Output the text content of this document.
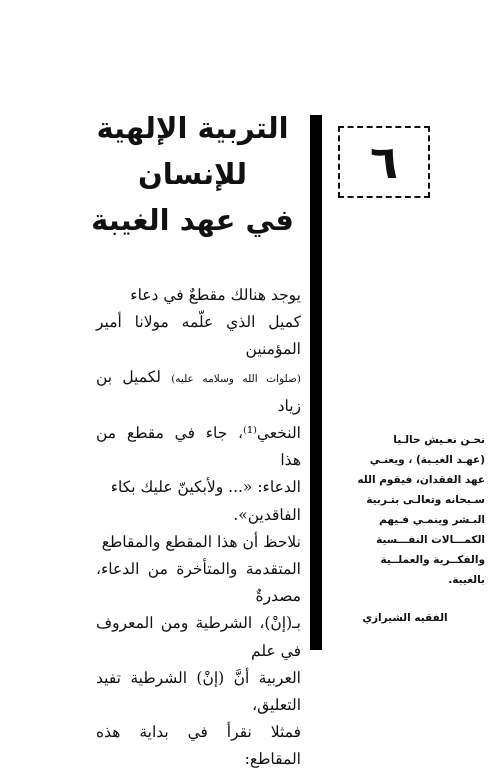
٦
التربية الإلهية
للإنسان
في عهد الغيبة

يوجد هنالك مقطعٌ في دعاء

كميل الذي علّمه مولانا أمير المؤمنين

(صلوات الله وسلامه عليه) لكميل بن زياد

النخعي⁽¹⁾، جاء في مقطع من هذا

الدعاء: «... ولأبكينّ عليك بكاء

الفاقدين».

نلاحظ أن هذا المقطع والمقاطع

المتقدمة والمتأخرة من الدعاء، مصدرةٌ

بـ(إنْ)، الشرطية ومن المعروف في علم

العربية أنَّ (إنْ) الشرطية تفيد التعليق،

فمثلا نقرأ في بداية هذه المقاطع:

نحـن نعـيش حالـيا

(عهـد الغيـبة) ، ويعنـي

عهد الفقدان، فيقوم الله

سـبحانه وتعالـى بتـربية

البـشر وينمـي فـيهم

الكمـــالات النفـــسية

والفكــرية والعملــية

بالغيبة.

الفقيه الشيرازي
